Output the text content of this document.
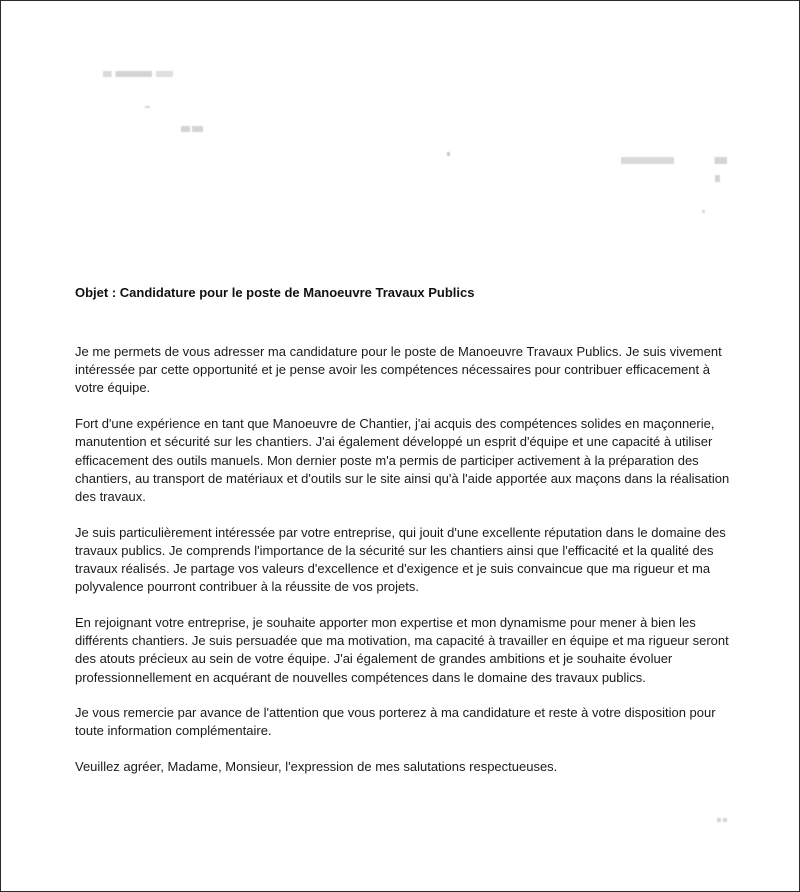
Objet : Candidature pour le poste de Manoeuvre Travaux Publics

Je me permets de vous adresser ma candidature pour le poste de Manoeuvre Travaux Publics. Je suis vivement intéressée par cette opportunité et je pense avoir les compétences nécessaires pour contribuer efficacement à votre équipe.

Fort d'une expérience en tant que Manoeuvre de Chantier, j'ai acquis des compétences solides en maçonnerie, manutention et sécurité sur les chantiers. J'ai également développé un esprit d'équipe et une capacité à utiliser efficacement des outils manuels. Mon dernier poste m'a permis de participer activement à la préparation des chantiers, au transport de matériaux et d'outils sur le site ainsi qu'à l'aide apportée aux maçons dans la réalisation des travaux.

Je suis particulièrement intéressée par votre entreprise, qui jouit d'une excellente réputation dans le domaine des travaux publics. Je comprends l'importance de la sécurité sur les chantiers ainsi que l'efficacité et la qualité des travaux réalisés. Je partage vos valeurs d'excellence et d'exigence et je suis convaincue que ma rigueur et ma polyvalence pourront contribuer à la réussite de vos projets.

En rejoignant votre entreprise, je souhaite apporter mon expertise et mon dynamisme pour mener à bien les différents chantiers. Je suis persuadée que ma motivation, ma capacité à travailler en équipe et ma rigueur seront des atouts précieux au sein de votre équipe. J'ai également de grandes ambitions et je souhaite évoluer professionnellement en acquérant de nouvelles compétences dans le domaine des travaux publics.

Je vous remercie par avance de l'attention que vous porterez à ma candidature et reste à votre disposition pour toute information complémentaire.

Veuillez agréer, Madame, Monsieur, l'expression de mes salutations respectueuses.
